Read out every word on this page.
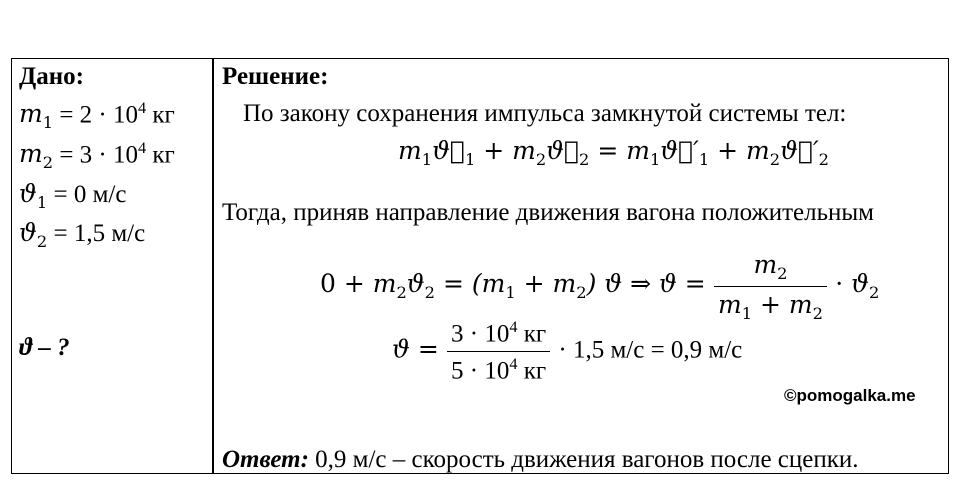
Дано:
$m_1 = 2 \cdot 10^4$ кг
$m_2 = 3 \cdot 10^4$ кг
$ϑ_1 = 0$ м/с
$ϑ_2 = 1,5$ м/с
ϑ – ?
Решение:
По закону сохранения импульса замкнутой системы тел:
$m_1ϑ⃗_1$ + $m_2ϑ⃗_2$ = $m_1ϑ⃗'_1$ + $m_2ϑ⃗'_2$
Тогда, приняв направление движения вагона положительным
$0 + m_2ϑ_2 = (m_1 + m_2)$ ϑ ⇒ $ϑ = \frac{m_2}{m_1 + m_2} \cdot ϑ_2$
$ϑ = \frac{3 \cdot 10^4 кг}{5 \cdot 10^4 кг} \cdot 1,5$ м/с = 0,9 м/с
©pomogalka.me
Ответ: 0,9 м/с – скорость движения вагонов после сцепки.
